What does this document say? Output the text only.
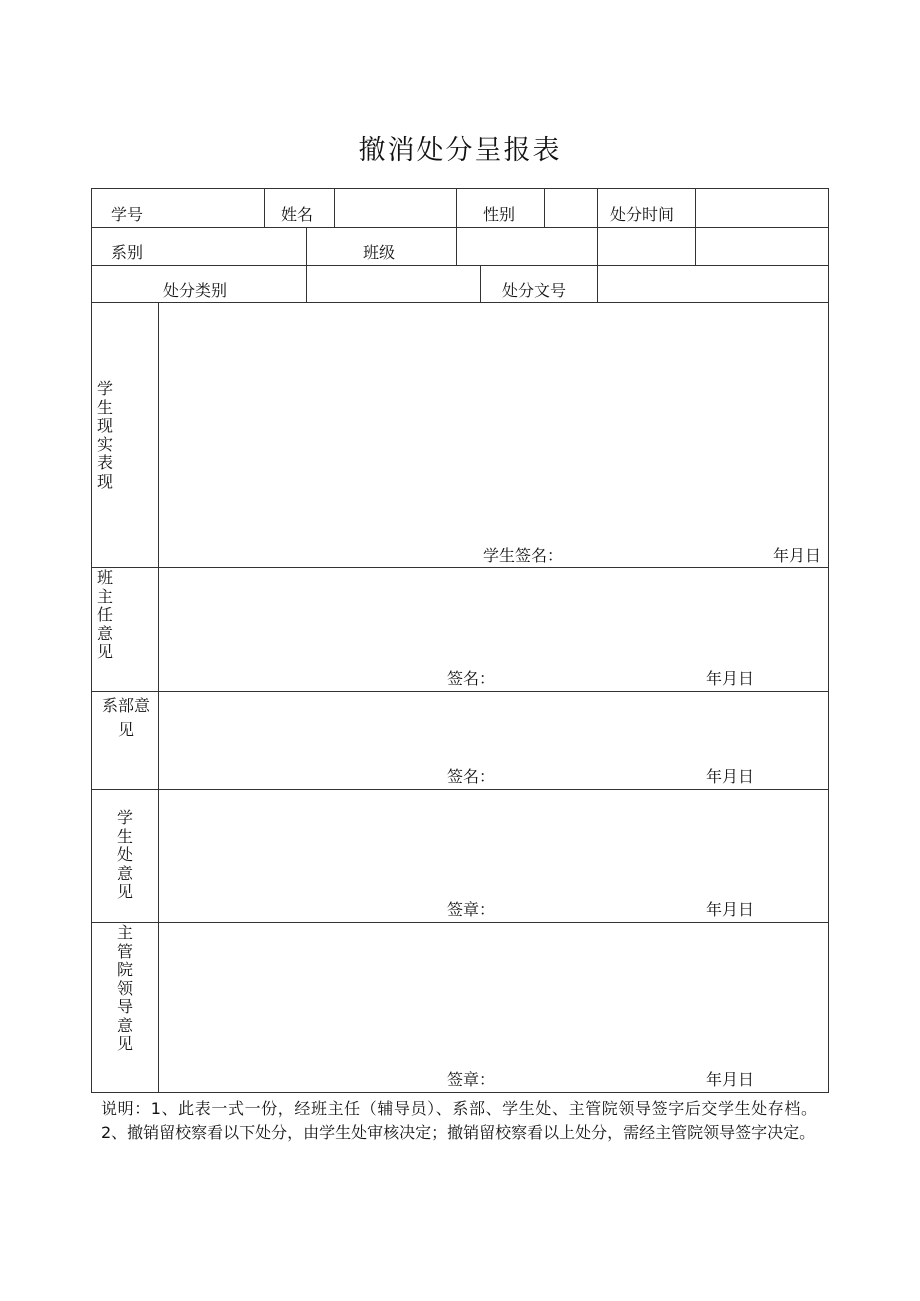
撤消处分呈报表
学号	姓名	性别	处分时间
系别	班级
处分类别	处分文号
学生现实表现
学生签名：	年月日
班主任意见
签名：	年月日
系部意见
签名：	年月日
学生处意见
签章：	年月日
主管院领导意见
签章：	年月日
说明：1、此表一式一份，经班主任（辅导员）、系部、学生处、主管院领导签字后交学生处存档。2、撤销留校察看以下处分，由学生处审核决定；撤销留校察看以上处分，需经主管院领导签字决定。
